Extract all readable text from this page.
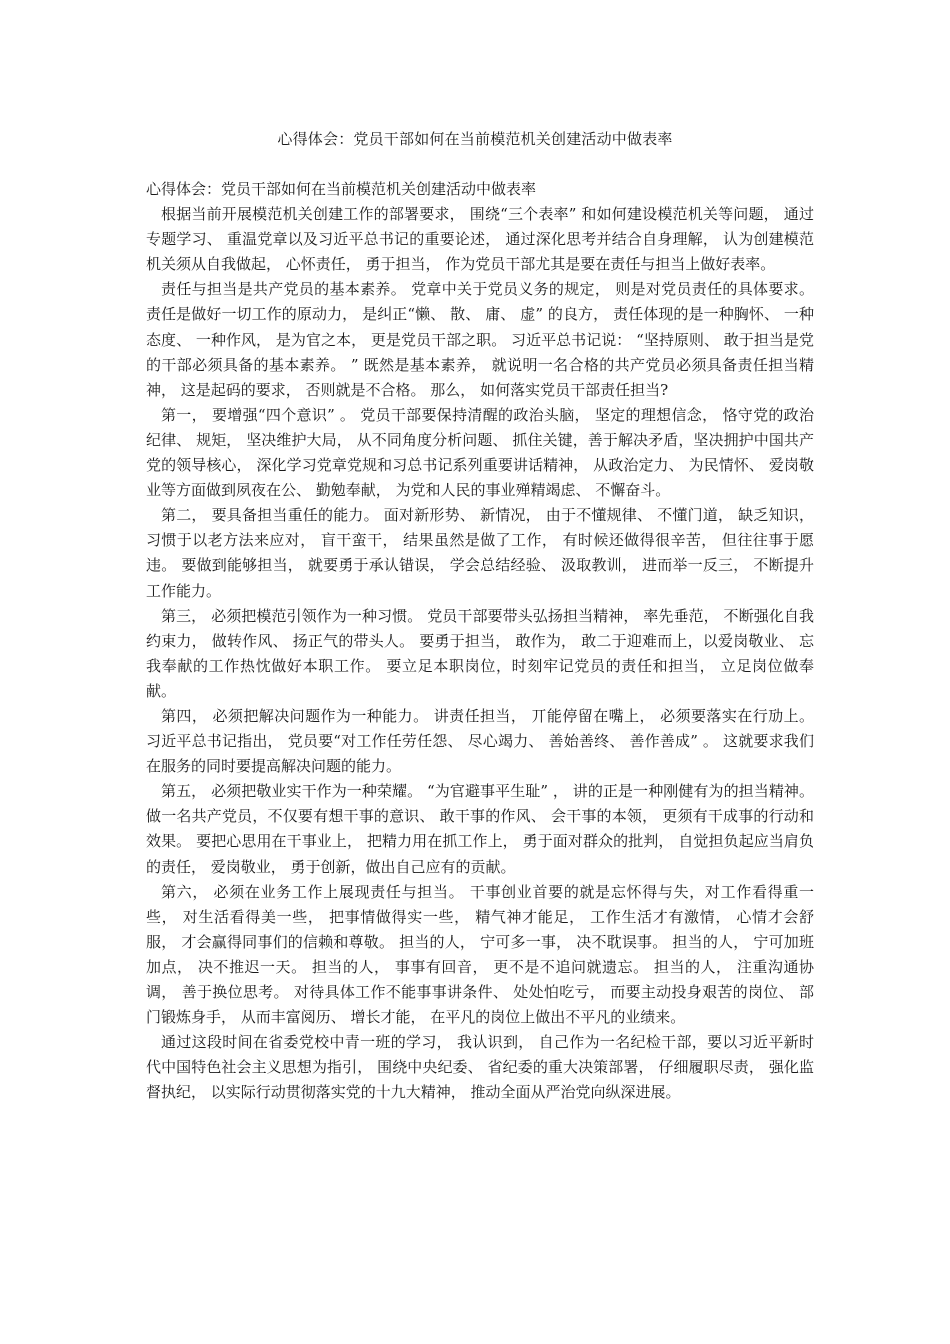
心得体会：党员干部如何在当前模范机关创建活动中做表率

心得体会：党员干部如何在当前模范机关创建活动中做表率

根据当前开展模范机关创建工作的部署要求， 围绕“三个表率” 和如何建设模范机关等问题， 通过专题学习、 重温党章以及习近平总书记的重要论述， 通过深化思考并结合自身理解， 认为创建模范机关须从自我做起， 心怀责任， 勇于担当， 作为党员干部尤其是要在责任与担当上做好表率。

责任与担当是共产党员的基本素养。 党章中关于党员义务的规定， 则是对党员责任的具体要求。 责任是做好一切工作的原动力， 是纠正“懒、 散、 庸、 虚” 的良方， 责任体现的是一种胸怀、 一种态度、 一种作风， 是为官之本， 更是党员干部之职。 习近平总书记说： “坚持原则、 敢于担当是党的干部必须具备的基本素养。 ” 既然是基本素养， 就说明一名合格的共产党员必须具备责任担当精神， 这是起码的要求， 否则就是不合格。 那么， 如何落实党员干部责任担当?

第一， 要增强“四个意识” 。 党员干部要保持清醒的政治头脑， 坚定的理想信念， 恪守党的政治纪律、 规矩， 坚决维护大局， 从不同角度分析问题、 抓住关键，善于解决矛盾，坚决拥护中国共产党的领导核心， 深化学习党章党规和习总书记系列重要讲话精神， 从政治定力、 为民情怀、 爱岗敬业等方面做到夙夜在公、 勤勉奉献， 为党和人民的事业殚精竭虑、 不懈奋斗。

第二， 要具备担当重任的能力。 面对新形势、 新情况， 由于不懂规律、 不懂门道， 缺乏知识， 习惯于以老方法来应对， 盲干蛮干， 结果虽然是做了工作， 有时候还做得很辛苦， 但往往事于愿违。 要做到能够担当， 就要勇于承认错误， 学会总结经验、 汲取教训， 进而举一反三， 不断提升工作能力。

第三， 必须把模范引领作为一种习惯。 党员干部要带头弘扬担当精神， 率先垂范， 不断强化自我约束力， 做转作风、 扬正气的带头人。 要勇于担当， 敢作为， 敢二于迎难而上，以爱岗敬业、 忘我奉献的工作热忱做好本职工作。 要立足本职岗位，时刻牢记党员的责任和担当， 立足岗位做奉献。

第四， 必须把解决问题作为一种能力。 讲责任担当， 丌能停留在嘴上， 必须要落实在行劢上。 习近平总书记指出， 党员要“对工作任劳任怨、 尽心竭力、 善始善终、 善作善成” 。 这就要求我们在服务的同时要提高解决问题的能力。

第五， 必须把敬业实干作为一种荣耀。 “为官避事平生耻” ， 讲的正是一种刚健有为的担当精神。 做一名共产党员，不仅要有想干事的意识、 敢干事的作风、 会干事的本领， 更须有干成事的行动和效果。 要把心思用在干事业上， 把精力用在抓工作上， 勇于面对群众的批判， 自觉担负起应当肩负的责任， 爱岗敬业， 勇于创新，做出自己应有的贡献。

第六， 必须在业务工作上展现责任与担当。 干事创业首要的就是忘怀得与失，对工作看得重一些， 对生活看得美一些， 把事情做得实一些， 精气神才能足， 工作生活才有激情， 心情才会舒服， 才会赢得同事们的信赖和尊敬。 担当的人， 宁可多一事， 决不耽误事。 担当的人， 宁可加班加点， 决不推迟一天。 担当的人， 事事有回音， 更不是不追问就遗忘。 担当的人， 注重沟通协调， 善于换位思考。 对待具体工作不能事事讲条件、 处处怕吃亏， 而要主动投身艰苦的岗位、 部门锻炼身手， 从而丰富阅历、 增长才能， 在平凡的岗位上做出不平凡的业绩来。

通过这段时间在省委党校中青一班的学习， 我认识到， 自己作为一名纪检干部，要以习近平新时代中国特色社会主义思想为指引， 围绕中央纪委、 省纪委的重大决策部署， 仔细履职尽责， 强化监督执纪， 以实际行动贯彻落实党的十九大精神， 推动全面从严治党向纵深进展。
